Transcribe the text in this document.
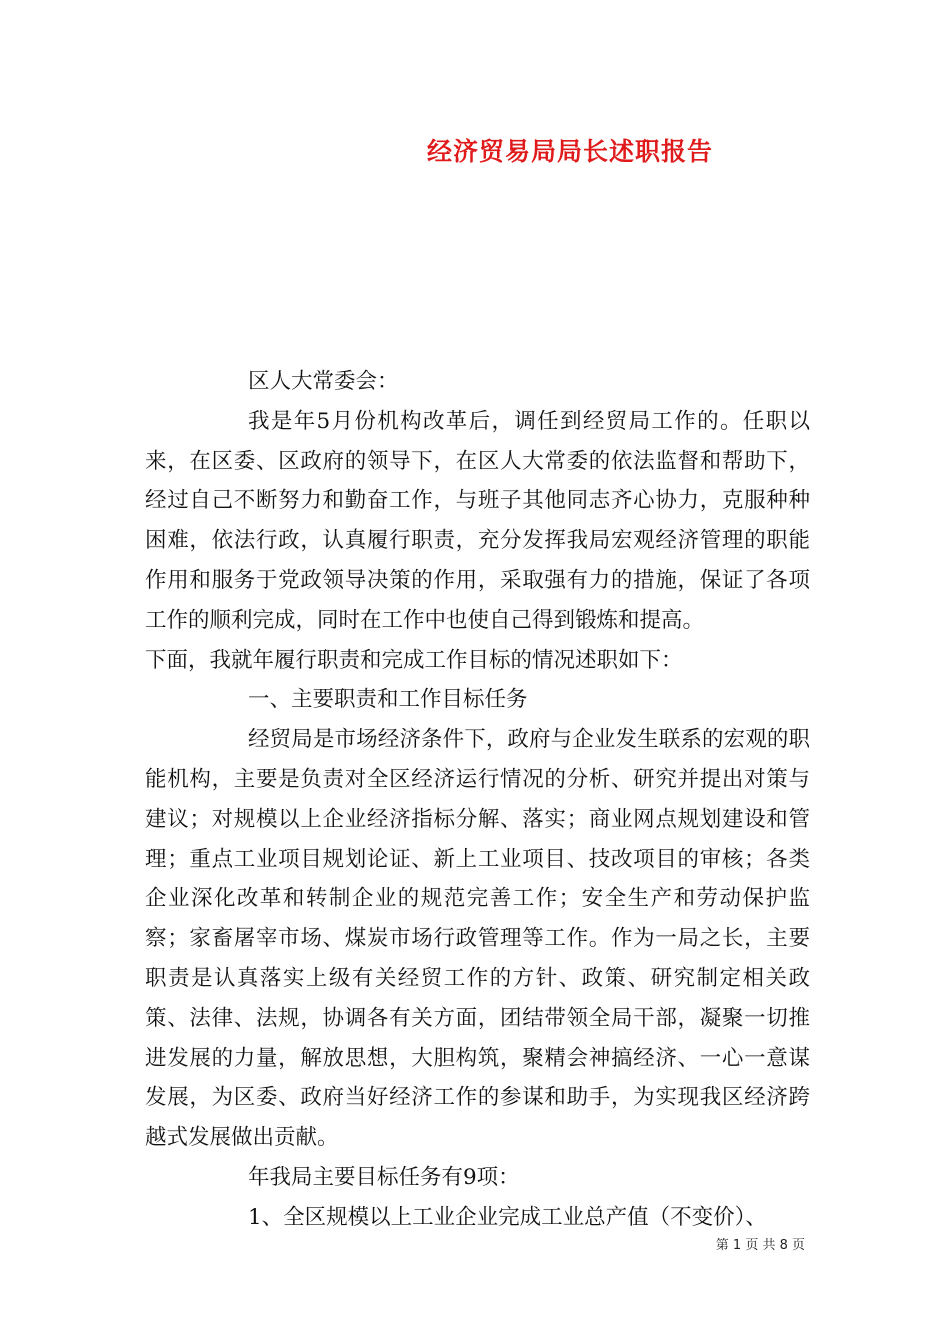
经济贸易局局长述职报告

区人大常委会：

我是年5月份机构改革后，调任到经贸局工作的。任职以来，在区委、区政府的领导下，在区人大常委的依法监督和帮助下，经过自己不断努力和勤奋工作，与班子其他同志齐心协力，克服种种困难，依法行政，认真履行职责，充分发挥我局宏观经济管理的职能作用和服务于党政领导决策的作用，采取强有力的措施，保证了各项工作的顺利完成，同时在工作中也使自己得到锻炼和提高。

下面，我就年履行职责和完成工作目标的情况述职如下：

一、主要职责和工作目标任务

经贸局是市场经济条件下，政府与企业发生联系的宏观的职能机构，主要是负责对全区经济运行情况的分析、研究并提出对策与建议；对规模以上企业经济指标分解、落实；商业网点规划建设和管理；重点工业项目规划论证、新上工业项目、技改项目的审核；各类企业深化改革和转制企业的规范完善工作；安全生产和劳动保护监察；家畜屠宰市场、煤炭市场行政管理等工作。作为一局之长，主要职责是认真落实上级有关经贸工作的方针、政策、研究制定相关政策、法律、法规，协调各有关方面，团结带领全局干部，凝聚一切推进发展的力量，解放思想，大胆构筑，聚精会神搞经济、一心一意谋发展，为区委、政府当好经济工作的参谋和助手，为实现我区经济跨越式发展做出贡献。

年我局主要目标任务有9项：

1、全区规模以上工业企业完成工业总产值（不变价）、

第 1 页 共 8 页
